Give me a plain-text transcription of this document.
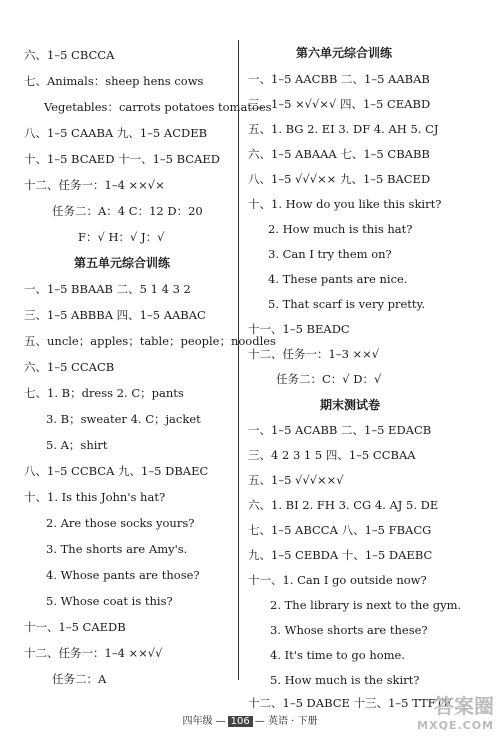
六、1–5 CBCCA
七、Animals：sheep hens cows
Vegetables：carrots potatoes tomatoes
八、1–5 CAABA 九、1–5 ACDEB
十、1–5 BCAED 十一、1–5 BCAED
十二、任务一：1–4 ××√×
任务二：A：4 C：12 D：20
F：√ H：√ J：√
第五单元综合训练
一、1–5 BBAAB 二、5 1 4 3 2
三、1–5 ABBBA 四、1–5 AABAC
五、uncle；apples；table；people；noodles
六、1–5 CCACB
七、1. B；dress 2. C；pants
3. B；sweater 4. C；jacket
5. A；shirt
八、1–5 CCBCA 九、1–5 DBAEC
十、1. Is this John's hat?
2. Are those socks yours?
3. The shorts are Amy's.
4. Whose pants are those?
5. Whose coat is this?
十一、1–5 CAEDB
十二、任务一：1–4 ××√√
任务二：A
第六单元综合训练
一、1–5 AACBB 二、1–5 AABAB
三、1–5 ×√√×√ 四、1–5 CEABD
五、1. BG 2. EI 3. DF 4. AH 5. CJ
六、1–5 ABAAA 七、1–5 CBABB
八、1–5 √√√×× 九、1–5 BACED
十、1. How do you like this skirt?
2. How much is this hat?
3. Can I try them on?
4. These pants are nice.
5. That scarf is very pretty.
十一、1–5 BEADC
十二、任务一：1–3 ××√
任务二：C：√ D：√
期末测试卷
一、1–5 ACABB 二、1–5 EDACB
三、4 2 3 1 5 四、1–5 CCBAA
五、1–5 √√√××√
六、1. BI 2. FH 3. CG 4. AJ 5. DE
七、1–5 ABCCA 八、1–5 FBACG
九、1–5 CEBDA 十、1–5 DAEBC
十一、1. Can I go outside now?
2. The library is next to the gym.
3. Whose shorts are these?
4. It's time to go home.
5. How much is the skirt?
十二、1–5 DABCE 十三、1–5 TTFTF
四年级 — 106 — 英语 · 下册
答案圈
MXQE.COM
